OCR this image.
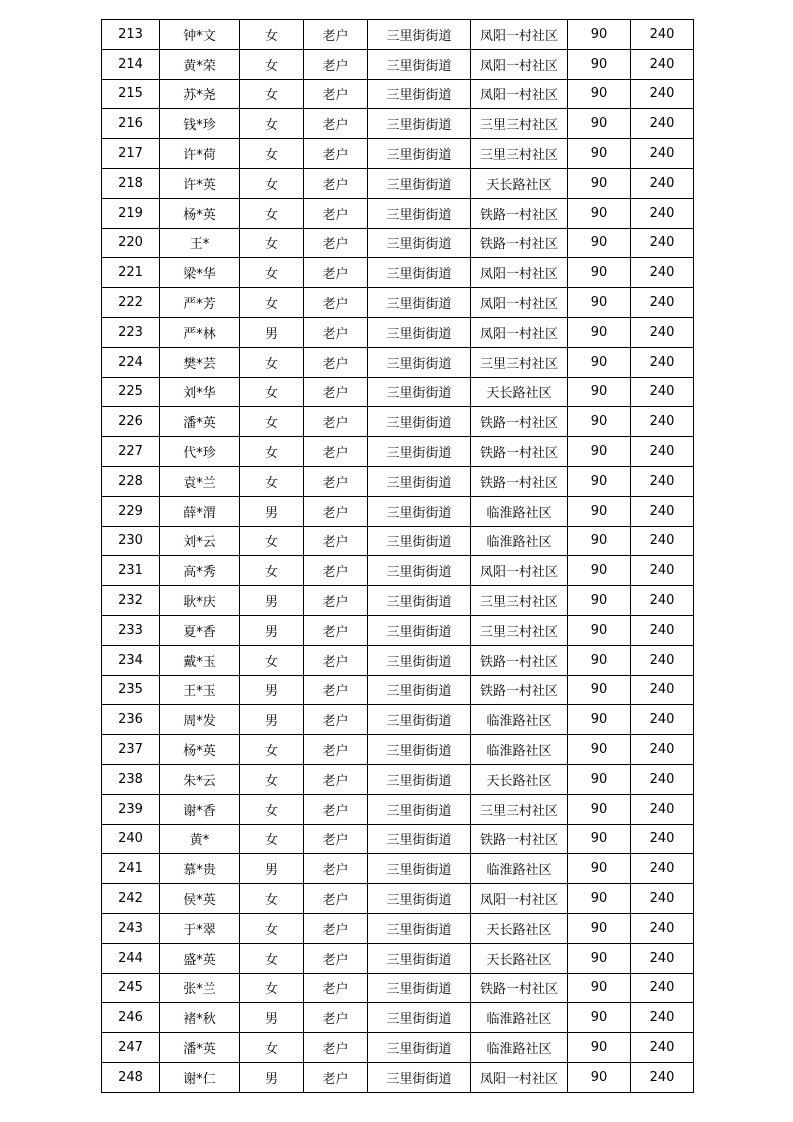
213	钟*文	女	老户	三里街街道	凤阳一村社区	90	240
214	黄*荣	女	老户	三里街街道	凤阳一村社区	90	240
215	苏*尧	女	老户	三里街街道	凤阳一村社区	90	240
216	钱*珍	女	老户	三里街街道	三里三村社区	90	240
217	许*荷	女	老户	三里街街道	三里三村社区	90	240
218	许*英	女	老户	三里街街道	天长路社区	90	240
219	杨*英	女	老户	三里街街道	铁路一村社区	90	240
220	王*	女	老户	三里街街道	铁路一村社区	90	240
221	梁*华	女	老户	三里街街道	凤阳一村社区	90	240
222	严*芳	女	老户	三里街街道	凤阳一村社区	90	240
223	严*林	男	老户	三里街街道	凤阳一村社区	90	240
224	樊*芸	女	老户	三里街街道	三里三村社区	90	240
225	刘*华	女	老户	三里街街道	天长路社区	90	240
226	潘*英	女	老户	三里街街道	铁路一村社区	90	240
227	代*珍	女	老户	三里街街道	铁路一村社区	90	240
228	袁*兰	女	老户	三里街街道	铁路一村社区	90	240
229	薛*渭	男	老户	三里街街道	临淮路社区	90	240
230	刘*云	女	老户	三里街街道	临淮路社区	90	240
231	高*秀	女	老户	三里街街道	凤阳一村社区	90	240
232	耿*庆	男	老户	三里街街道	三里三村社区	90	240
233	夏*香	男	老户	三里街街道	三里三村社区	90	240
234	戴*玉	女	老户	三里街街道	铁路一村社区	90	240
235	王*玉	男	老户	三里街街道	铁路一村社区	90	240
236	周*发	男	老户	三里街街道	临淮路社区	90	240
237	杨*英	女	老户	三里街街道	临淮路社区	90	240
238	朱*云	女	老户	三里街街道	天长路社区	90	240
239	谢*香	女	老户	三里街街道	三里三村社区	90	240
240	黄*	女	老户	三里街街道	铁路一村社区	90	240
241	慕*贵	男	老户	三里街街道	临淮路社区	90	240
242	侯*英	女	老户	三里街街道	凤阳一村社区	90	240
243	于*翠	女	老户	三里街街道	天长路社区	90	240
244	盛*英	女	老户	三里街街道	天长路社区	90	240
245	张*兰	女	老户	三里街街道	铁路一村社区	90	240
246	褚*秋	男	老户	三里街街道	临淮路社区	90	240
247	潘*英	女	老户	三里街街道	临淮路社区	90	240
248	谢*仁	男	老户	三里街街道	凤阳一村社区	90	240
